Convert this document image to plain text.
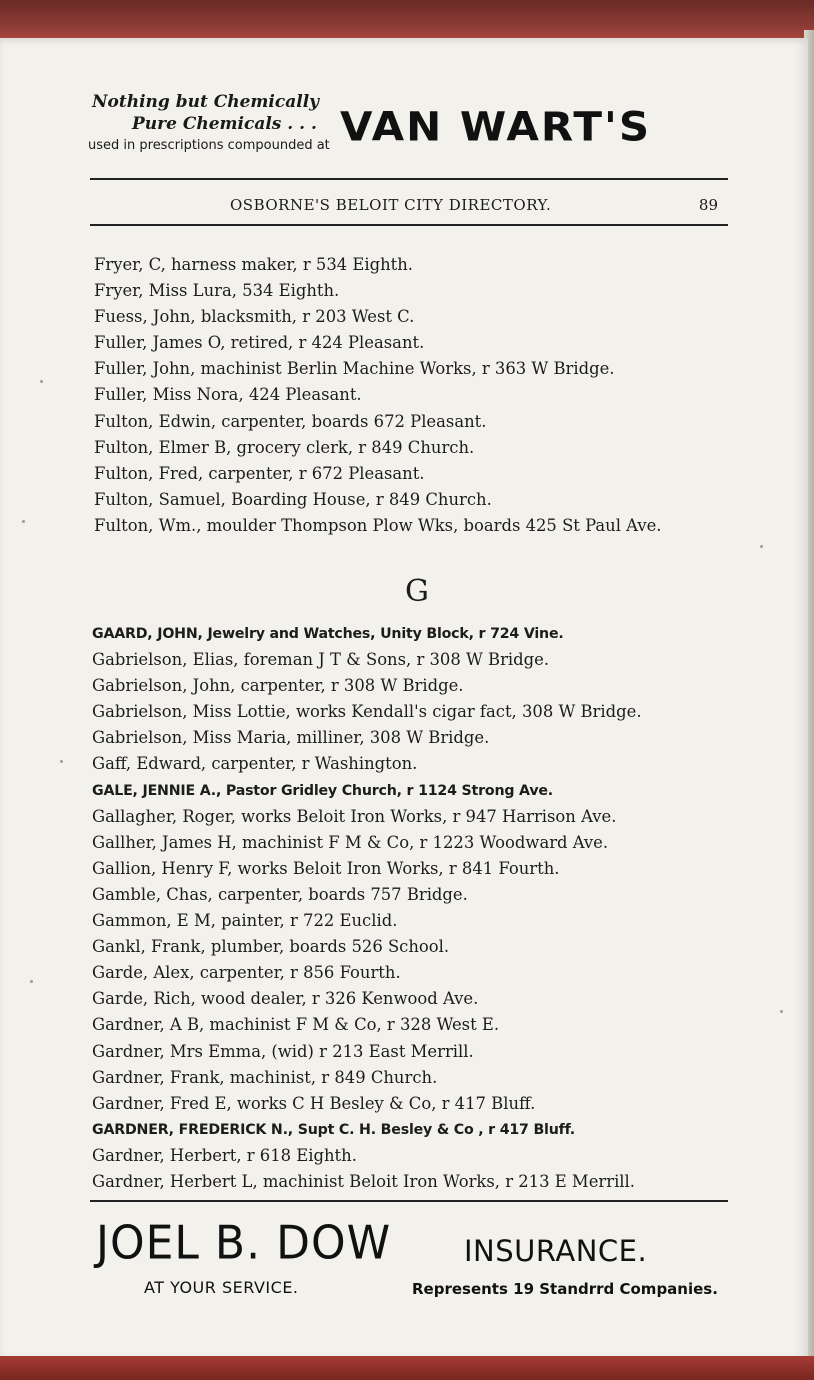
Nothing but Chemically
Pure Chemicals . . .
used in prescriptions compounded at VAN WART'S
OSBORNE'S BELOIT CITY DIRECTORY.	89
Fryer, C, harness maker, r 534 Eighth.
Fryer, Miss Lura, 534 Eighth.
Fuess, John, blacksmith, r 203 West C.
Fuller, James O, retired, r 424 Pleasant.
Fuller, John, machinist Berlin Machine Works, r 363 W Bridge.
Fuller, Miss Nora, 424 Pleasant.
Fulton, Edwin, carpenter, boards 672 Pleasant.
Fulton, Elmer B, grocery clerk, r 849 Church.
Fulton, Fred, carpenter, r 672 Pleasant.
Fulton, Samuel, Boarding House, r 849 Church.
Fulton, Wm., moulder Thompson Plow Wks, boards 425 St Paul Ave.
G
GAARD, JOHN, Jewelry and Watches, Unity Block, r 724 Vine.
Gabrielson, Elias, foreman J T & Sons, r 308 W Bridge.
Gabrielson, John, carpenter, r 308 W Bridge.
Gabrielson, Miss Lottie, works Kendall's cigar fact, 308 W Bridge.
Gabrielson, Miss Maria, milliner, 308 W Bridge.
Gaff, Edward, carpenter, r Washington.
GALE, JENNIE A., Pastor Gridley Church, r 1124 Strong Ave.
Gallagher, Roger, works Beloit Iron Works, r 947 Harrison Ave.
Gallher, James H, machinist F M & Co, r 1223 Woodward Ave.
Gallion, Henry F, works Beloit Iron Works, r 841 Fourth.
Gamble, Chas, carpenter, boards 757 Bridge.
Gammon, E M, painter, r 722 Euclid.
Gankl, Frank, plumber, boards 526 School.
Garde, Alex, carpenter, r 856 Fourth.
Garde, Rich, wood dealer, r 326 Kenwood Ave.
Gardner, A B, machinist F M & Co, r 328 West E.
Gardner, Mrs Emma, (wid) r 213 East Merrill.
Gardner, Frank, machinist, r 849 Church.
Gardner, Fred E, works C H Besley & Co, r 417 Bluff.
GARDNER, FREDERICK N., Supt C. H. Besley & Co , r 417 Bluff.
Gardner, Herbert, r 618 Eighth.
Gardner, Herbert L, machinist Beloit Iron Works, r 213 E Merrill.
JOEL B. DOW
AT YOUR SERVICE.
INSURANCE.
Represents 19 Standrrd Companies.
